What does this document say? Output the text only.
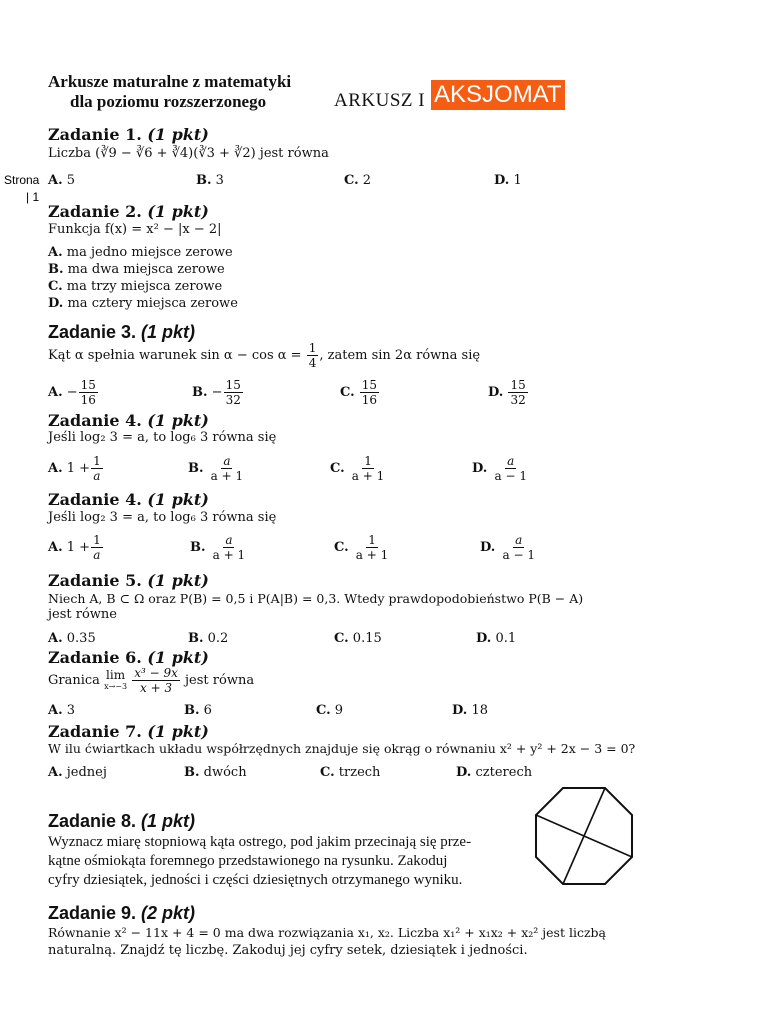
Arkusze maturalne z matematyki
dla poziomu rozszerzonego	ARKUSZ I AKSJOMAT
Strona
| 1
Zadanie 1. (1 pkt)
Liczba (∛9 − ∛6 + ∛4)(∛3 + ∛2) jest równa
A. 5	B. 3	C. 2	D. 1
Zadanie 2. (1 pkt)
Funkcja f(x) = x² − |x − 2|
A. ma jedno miejsce zerowe
B. ma dwa miejsca zerowe
C. ma trzy miejsca zerowe
D. ma cztery miejsca zerowe
Zadanie 3. (1 pkt)
Kąt α spełnia warunek $\sin \alpha - \cos \alpha = \frac{1}{4}$ , zatem sin 2α równa się
A. − $\frac{15}{16}$	B. − $\frac{15}{32}$	C. $\frac{15}{16}$	D. $\frac{15}{32}$
Zadanie 4. (1 pkt)
Jeśli log₂ 3 = a, to log₆ 3 równa się
A. $1 + \frac{1}{a}$	B. $\frac{a}{a + 1}$	C. $\frac{1}{a + 1}$	D. $\frac{a}{a - 1}$
Zadanie 4. (1 pkt)
Jeśli log₂ 3 = a, to log₆ 3 równa się
A. $1 + \frac{1}{a}$	B. $\frac{a}{a + 1}$	C. $\frac{1}{a + 1}$	D. $\frac{a}{a - 1}$
Zadanie 5. (1 pkt)
Niech A, B ⊂ Ω oraz P(B) = 0,5 i P(A|B) = 0,3. Wtedy prawdopodobieństwo P(B − A)
jest równe
A. 0.35	B. 0.2	C. 0.15	D. 0.1
Zadanie 6. (1 pkt)
Granica lim
x→−3
$\frac{\text{x³ − 9x}}{x + 3}$ jest równa
A. 3	B. 6	C. 9	D. 18
Zadanie 7. (1 pkt)
W ilu ćwiartkach układu współrzędnych znajduje się okrąg o równaniu x² + y² + 2x − 3 = 0?
A. jednej	B. dwóch	C. trzech	D. czterech
Zadanie 8. (1 pkt)
Wyznacz miarę stopniową kąta ostrego, pod jakim przecinają się prze-
kątne ośmiokąta foremnego przedstawionego na rysunku. Zakoduj
cyfry dziesiątek, jedności i części dziesiętnych otrzymanego wyniku.
Zadanie 9. (2 pkt)
Równanie x² − 11x + 4 = 0 ma dwa rozwiązania x₁, x₂. Liczba x₁² + x₁x₂ + x₂² jest liczbą
naturalną. Znajdź tę liczbę. Zakoduj jej cyfry setek, dziesiątek i jedności.
